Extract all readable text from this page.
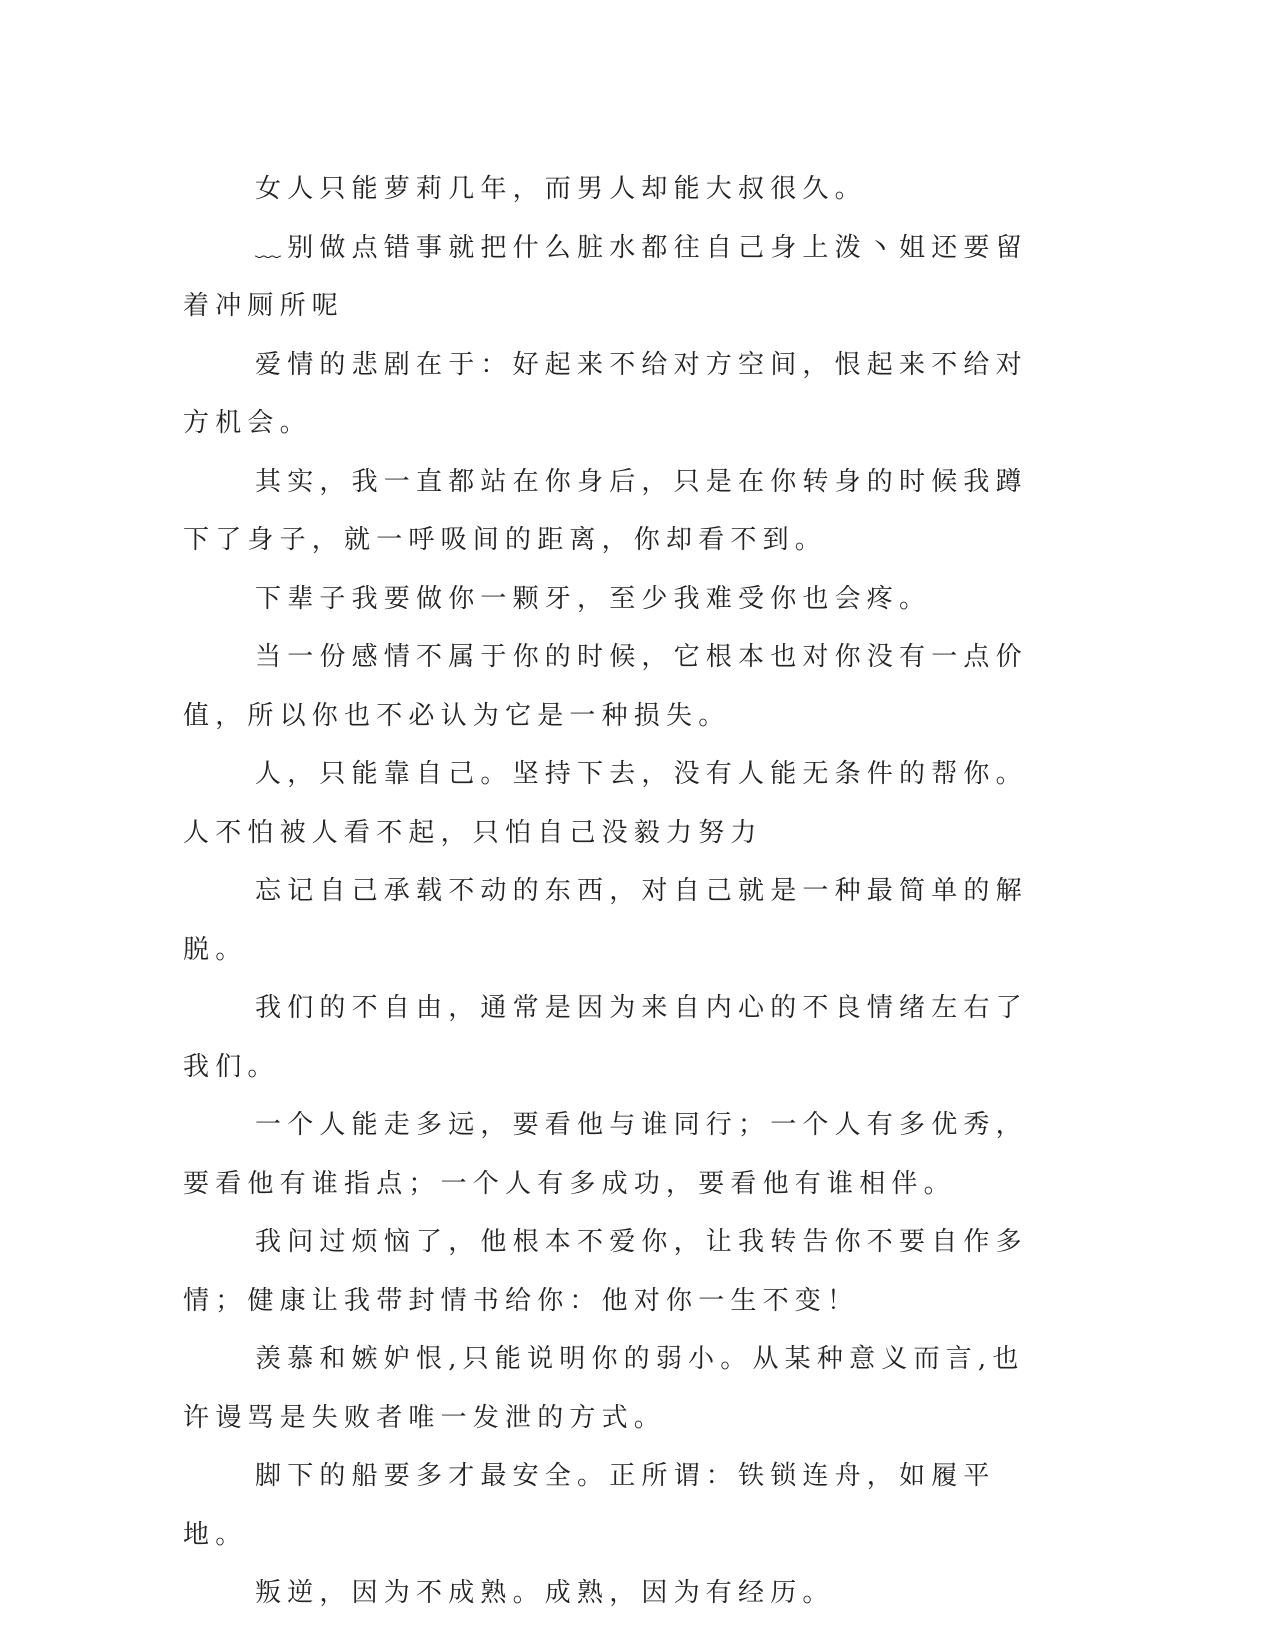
女人只能萝莉几年，而男人却能大叔很久。

﹏别做点错事就把什么脏水都往自己身上泼丶姐还要留着冲厕所呢

爱情的悲剧在于：好起来不给对方空间，恨起来不给对方机会。

其实，我一直都站在你身后，只是在你转身的时候我蹲下了身子，就一呼吸间的距离，你却看不到。

下辈子我要做你一颗牙，至少我难受你也会疼。

当一份感情不属于你的时候，它根本也对你没有一点价值，所以你也不必认为它是一种损失。

人，只能靠自己。坚持下去，没有人能无条件的帮你。人不怕被人看不起，只怕自己没毅力努力

忘记自己承载不动的东西，对自己就是一种最简单的解脱。

我们的不自由，通常是因为来自内心的不良情绪左右了我们。

一个人能走多远，要看他与谁同行；一个人有多优秀，要看他有谁指点；一个人有多成功，要看他有谁相伴。

我问过烦恼了，他根本不爱你，让我转告你不要自作多情；健康让我带封情书给你：他对你一生不变！

羡慕和嫉妒恨,只能说明你的弱小。从某种意义而言,也许谩骂是失败者唯一发泄的方式。

脚下的船要多才最安全。正所谓：铁锁连舟，如履平地。

叛逆，因为不成熟。成熟，因为有经历。
